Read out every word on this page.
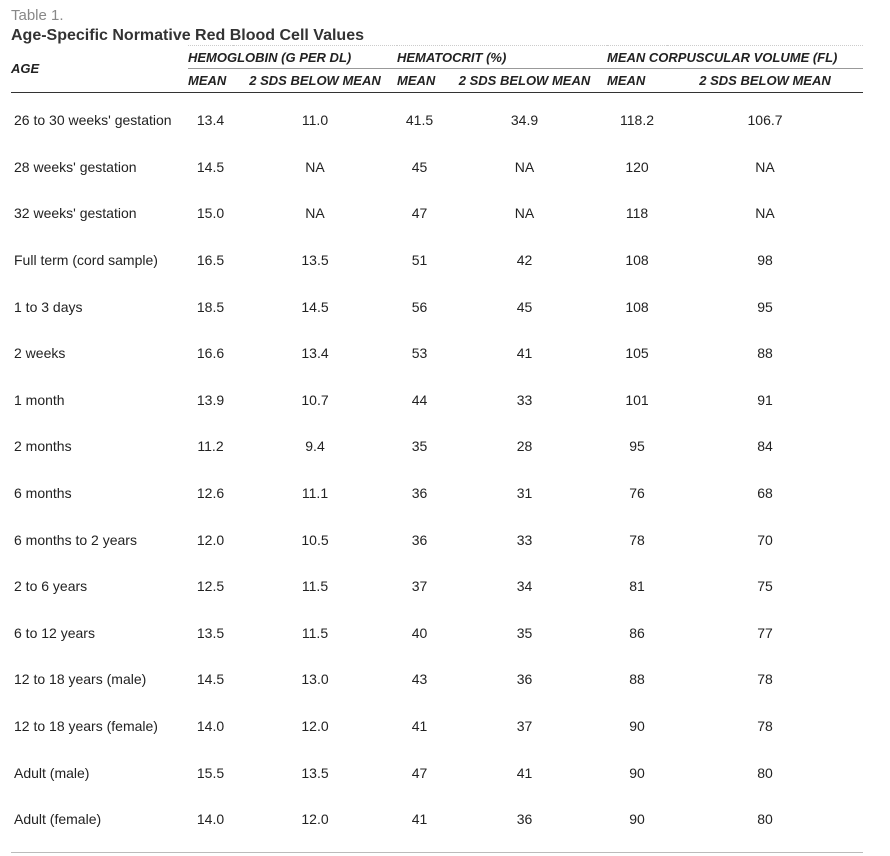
Table 1.
Age-Specific Normative Red Blood Cell Values
AGE	HEMOGLOBIN (G PER DL)		HEMATOCRIT (%)		MEAN CORPUSCULAR VOLUME (FL)	
	MEAN	2 SDS BELOW MEAN	MEAN	2 SDS BELOW MEAN	MEAN	2 SDS BELOW MEAN
26 to 30 weeks' gestation	13.4	11.0	41.5	34.9	118.2	106.7
28 weeks' gestation	14.5	NA	45	NA	120	NA
32 weeks' gestation	15.0	NA	47	NA	118	NA
Full term (cord sample)	16.5	13.5	51	42	108	98
1 to 3 days	18.5	14.5	56	45	108	95
2 weeks	16.6	13.4	53	41	105	88
1 month	13.9	10.7	44	33	101	91
2 months	11.2	9.4	35	28	95	84
6 months	12.6	11.1	36	31	76	68
6 months to 2 years	12.0	10.5	36	33	78	70
2 to 6 years	12.5	11.5	37	34	81	75
6 to 12 years	13.5	11.5	40	35	86	77
12 to 18 years (male)	14.5	13.0	43	36	88	78
12 to 18 years (female)	14.0	12.0	41	37	90	78
Adult (male)	15.5	13.5	47	41	90	80
Adult (female)	14.0	12.0	41	36	90	80
